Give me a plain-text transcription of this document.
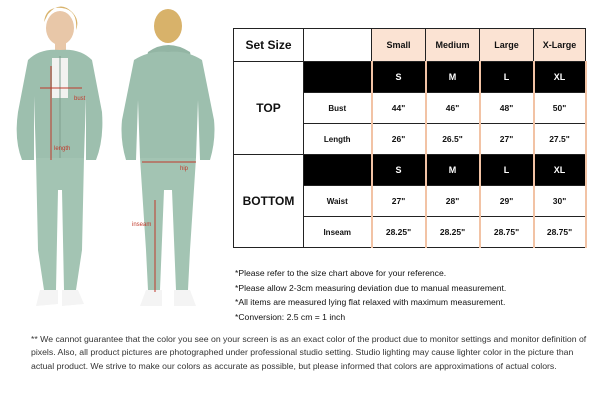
bust
length
hip
inseam
Set Size		Small	Medium	Large	X-Large
TOP		S	M	L	XL
	Bust	44"	46"	48"	50"
	Length	26"	26.5"	27"	27.5"
BOTTOM		S	M	L	XL
	Waist	27"	28"	29"	30"
	Inseam	28.25"	28.25"	28.75"	28.75"
*Please refer to the size chart above for your reference.
*Please allow 2-3cm measuring deviation due to manual measurement.
*All items are measured lying flat relaxed with maximum measurement.
*Conversion: 2.5 cm = 1 inch

** We cannot guarantee that the color you see on your screen is as an exact color of the product due to monitor settings and monitor definition of pixels. Also, all product pictures are photographed under professional studio setting. Studio lighting may cause lighter color in the picture than actual product. We strive to make our colors as accurate as possible, but please informed that colors are approximations of actual colors.
